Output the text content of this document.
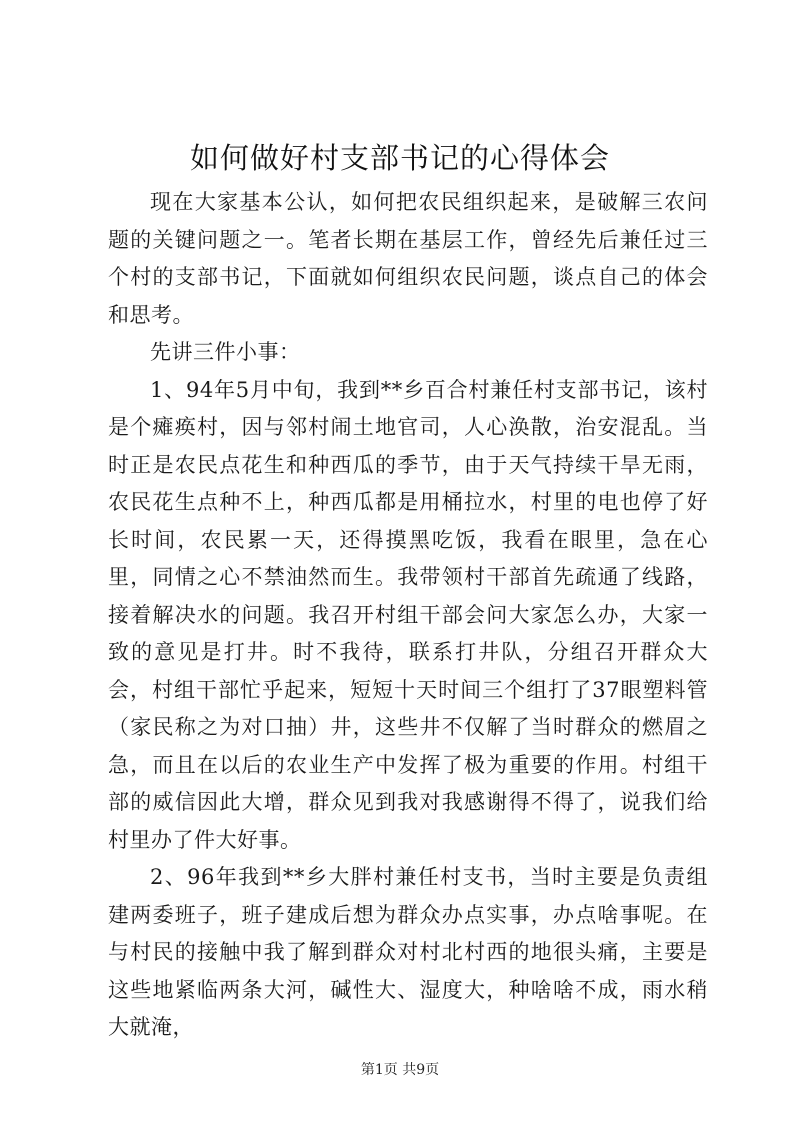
如何做好村支部书记的心得体会

现在大家基本公认，如何把农民组织起来，是破解三农问题的关键问题之一。笔者长期在基层工作，曾经先后兼任过三个村的支部书记，下面就如何组织农民问题，谈点自己的体会和思考。

先讲三件小事：

1、94年5月中旬，我到**乡百合村兼任村支部书记，该村是个瘫痪村，因与邻村闹土地官司，人心涣散，治安混乱。当时正是农民点花生和种西瓜的季节，由于天气持续干旱无雨，农民花生点种不上，种西瓜都是用桶拉水，村里的电也停了好长时间，农民累一天，还得摸黑吃饭，我看在眼里，急在心里，同情之心不禁油然而生。我带领村干部首先疏通了线路，接着解决水的问题。我召开村组干部会问大家怎么办，大家一致的意见是打井。时不我待，联系打井队，分组召开群众大会，村组干部忙乎起来，短短十天时间三个组打了37眼塑料管（家民称之为对口抽）井，这些井不仅解了当时群众的燃眉之急，而且在以后的农业生产中发挥了极为重要的作用。村组干部的威信因此大增，群众见到我对我感谢得不得了，说我们给村里办了件大好事。

2、96年我到**乡大胖村兼任村支书，当时主要是负责组建两委班子，班子建成后想为群众办点实事，办点啥事呢。在与村民的接触中我了解到群众对村北村西的地很头痛，主要是这些地紧临两条大河，碱性大、湿度大，种啥啥不成，雨水稍大就淹，

第1页 共9页
